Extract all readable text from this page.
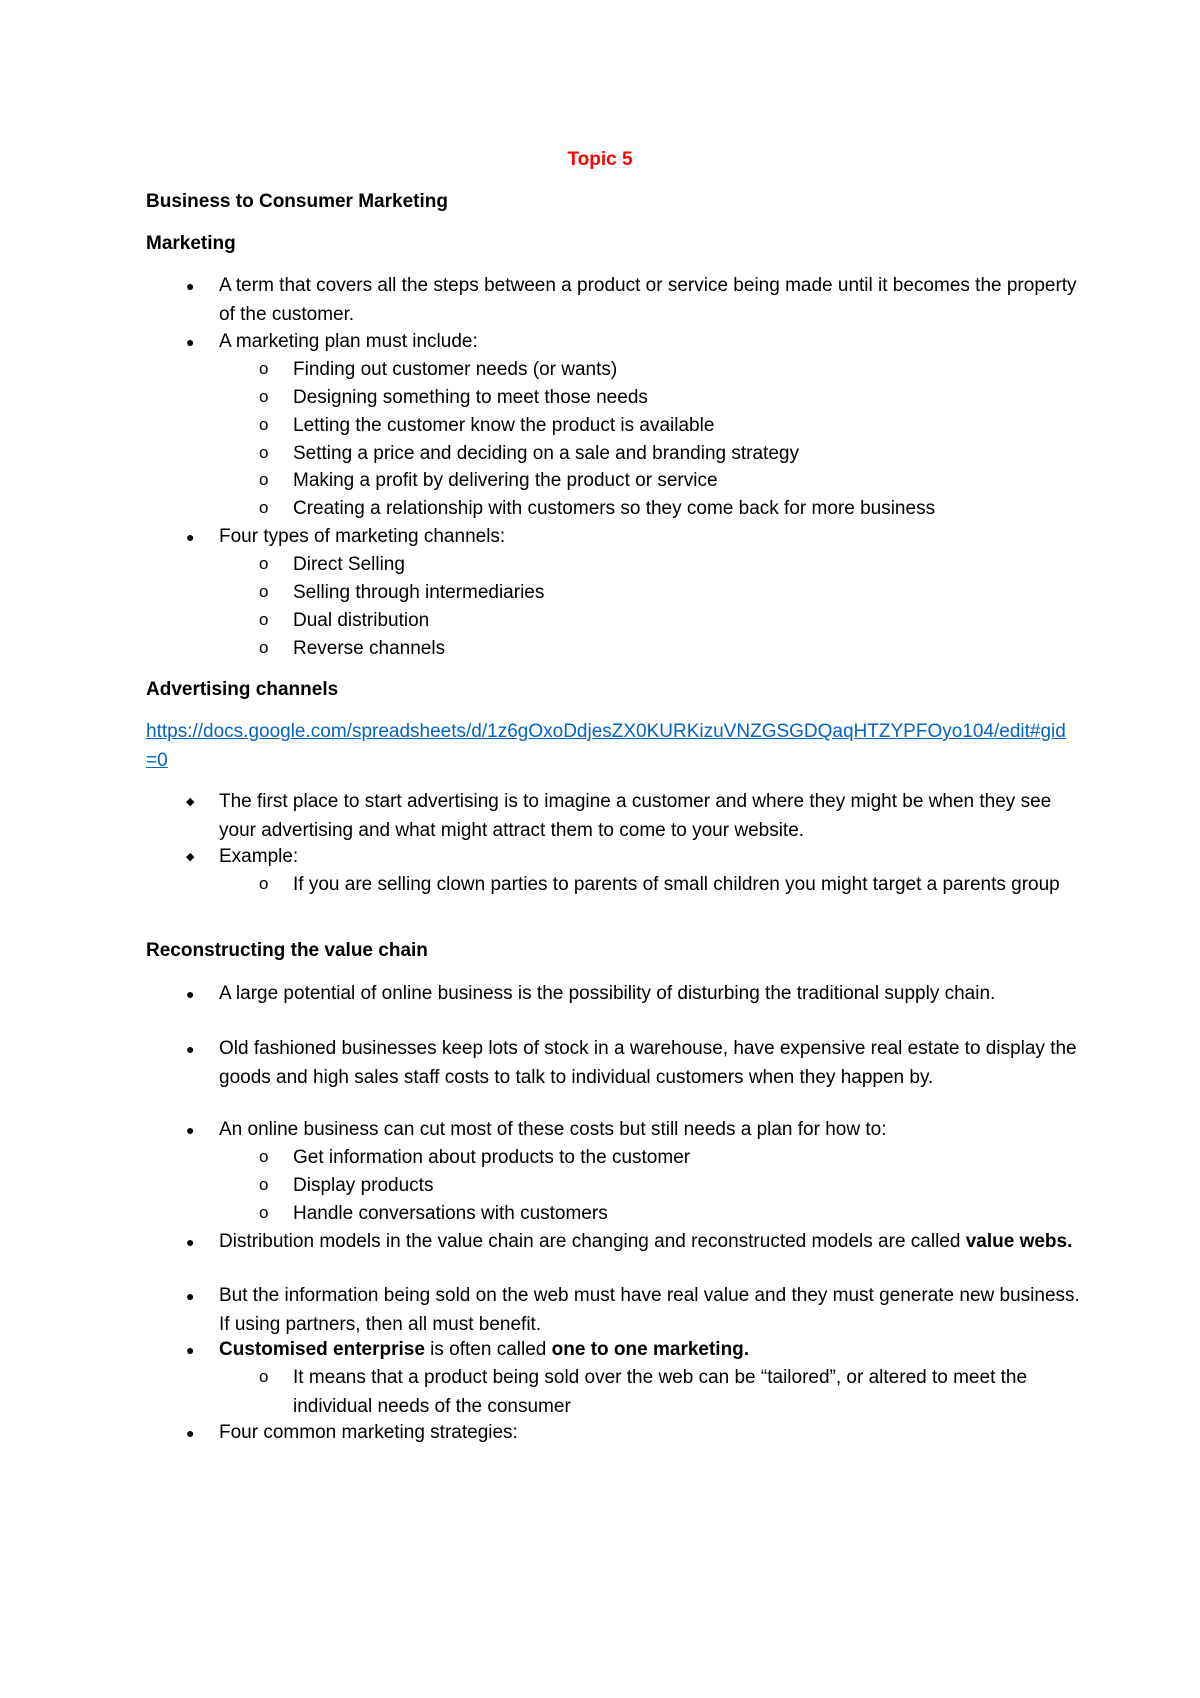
Topic 5
Business to Consumer Marketing
Marketing
● A term that covers all the steps between a product or service being made until it becomes the property of the customer.
● A marketing plan must include:
o Finding out customer needs (or wants)
o Designing something to meet those needs
o Letting the customer know the product is available
o Setting a price and deciding on a sale and branding strategy
o Making a profit by delivering the product or service
o Creating a relationship with customers so they come back for more business
● Four types of marketing channels:
o Direct Selling
o Selling through intermediaries
o Dual distribution
o Reverse channels
Advertising channels
https://docs.google.com/spreadsheets/d/1z6gOxoDdjesZX0KURKizuVNZGSGDQaqHTZYPFOyo104/edit#gid=0
◆ The first place to start advertising is to imagine a customer and where they might be when they see your advertising and what might attract them to come to your website.
◆ Example:
o If you are selling clown parties to parents of small children you might target a parents group
Reconstructing the value chain
● A large potential of online business is the possibility of disturbing the traditional supply chain.
● Old fashioned businesses keep lots of stock in a warehouse, have expensive real estate to display the goods and high sales staff costs to talk to individual customers when they happen by.
● An online business can cut most of these costs but still needs a plan for how to:
o Get information about products to the customer
o Display products
o Handle conversations with customers
● Distribution models in the value chain are changing and reconstructed models are called value webs.
● But the information being sold on the web must have real value and they must generate new business. If using partners, then all must benefit.
● Customised enterprise is often called one to one marketing.
o It means that a product being sold over the web can be “tailored”, or altered to meet the individual needs of the consumer
● Four common marketing strategies:
